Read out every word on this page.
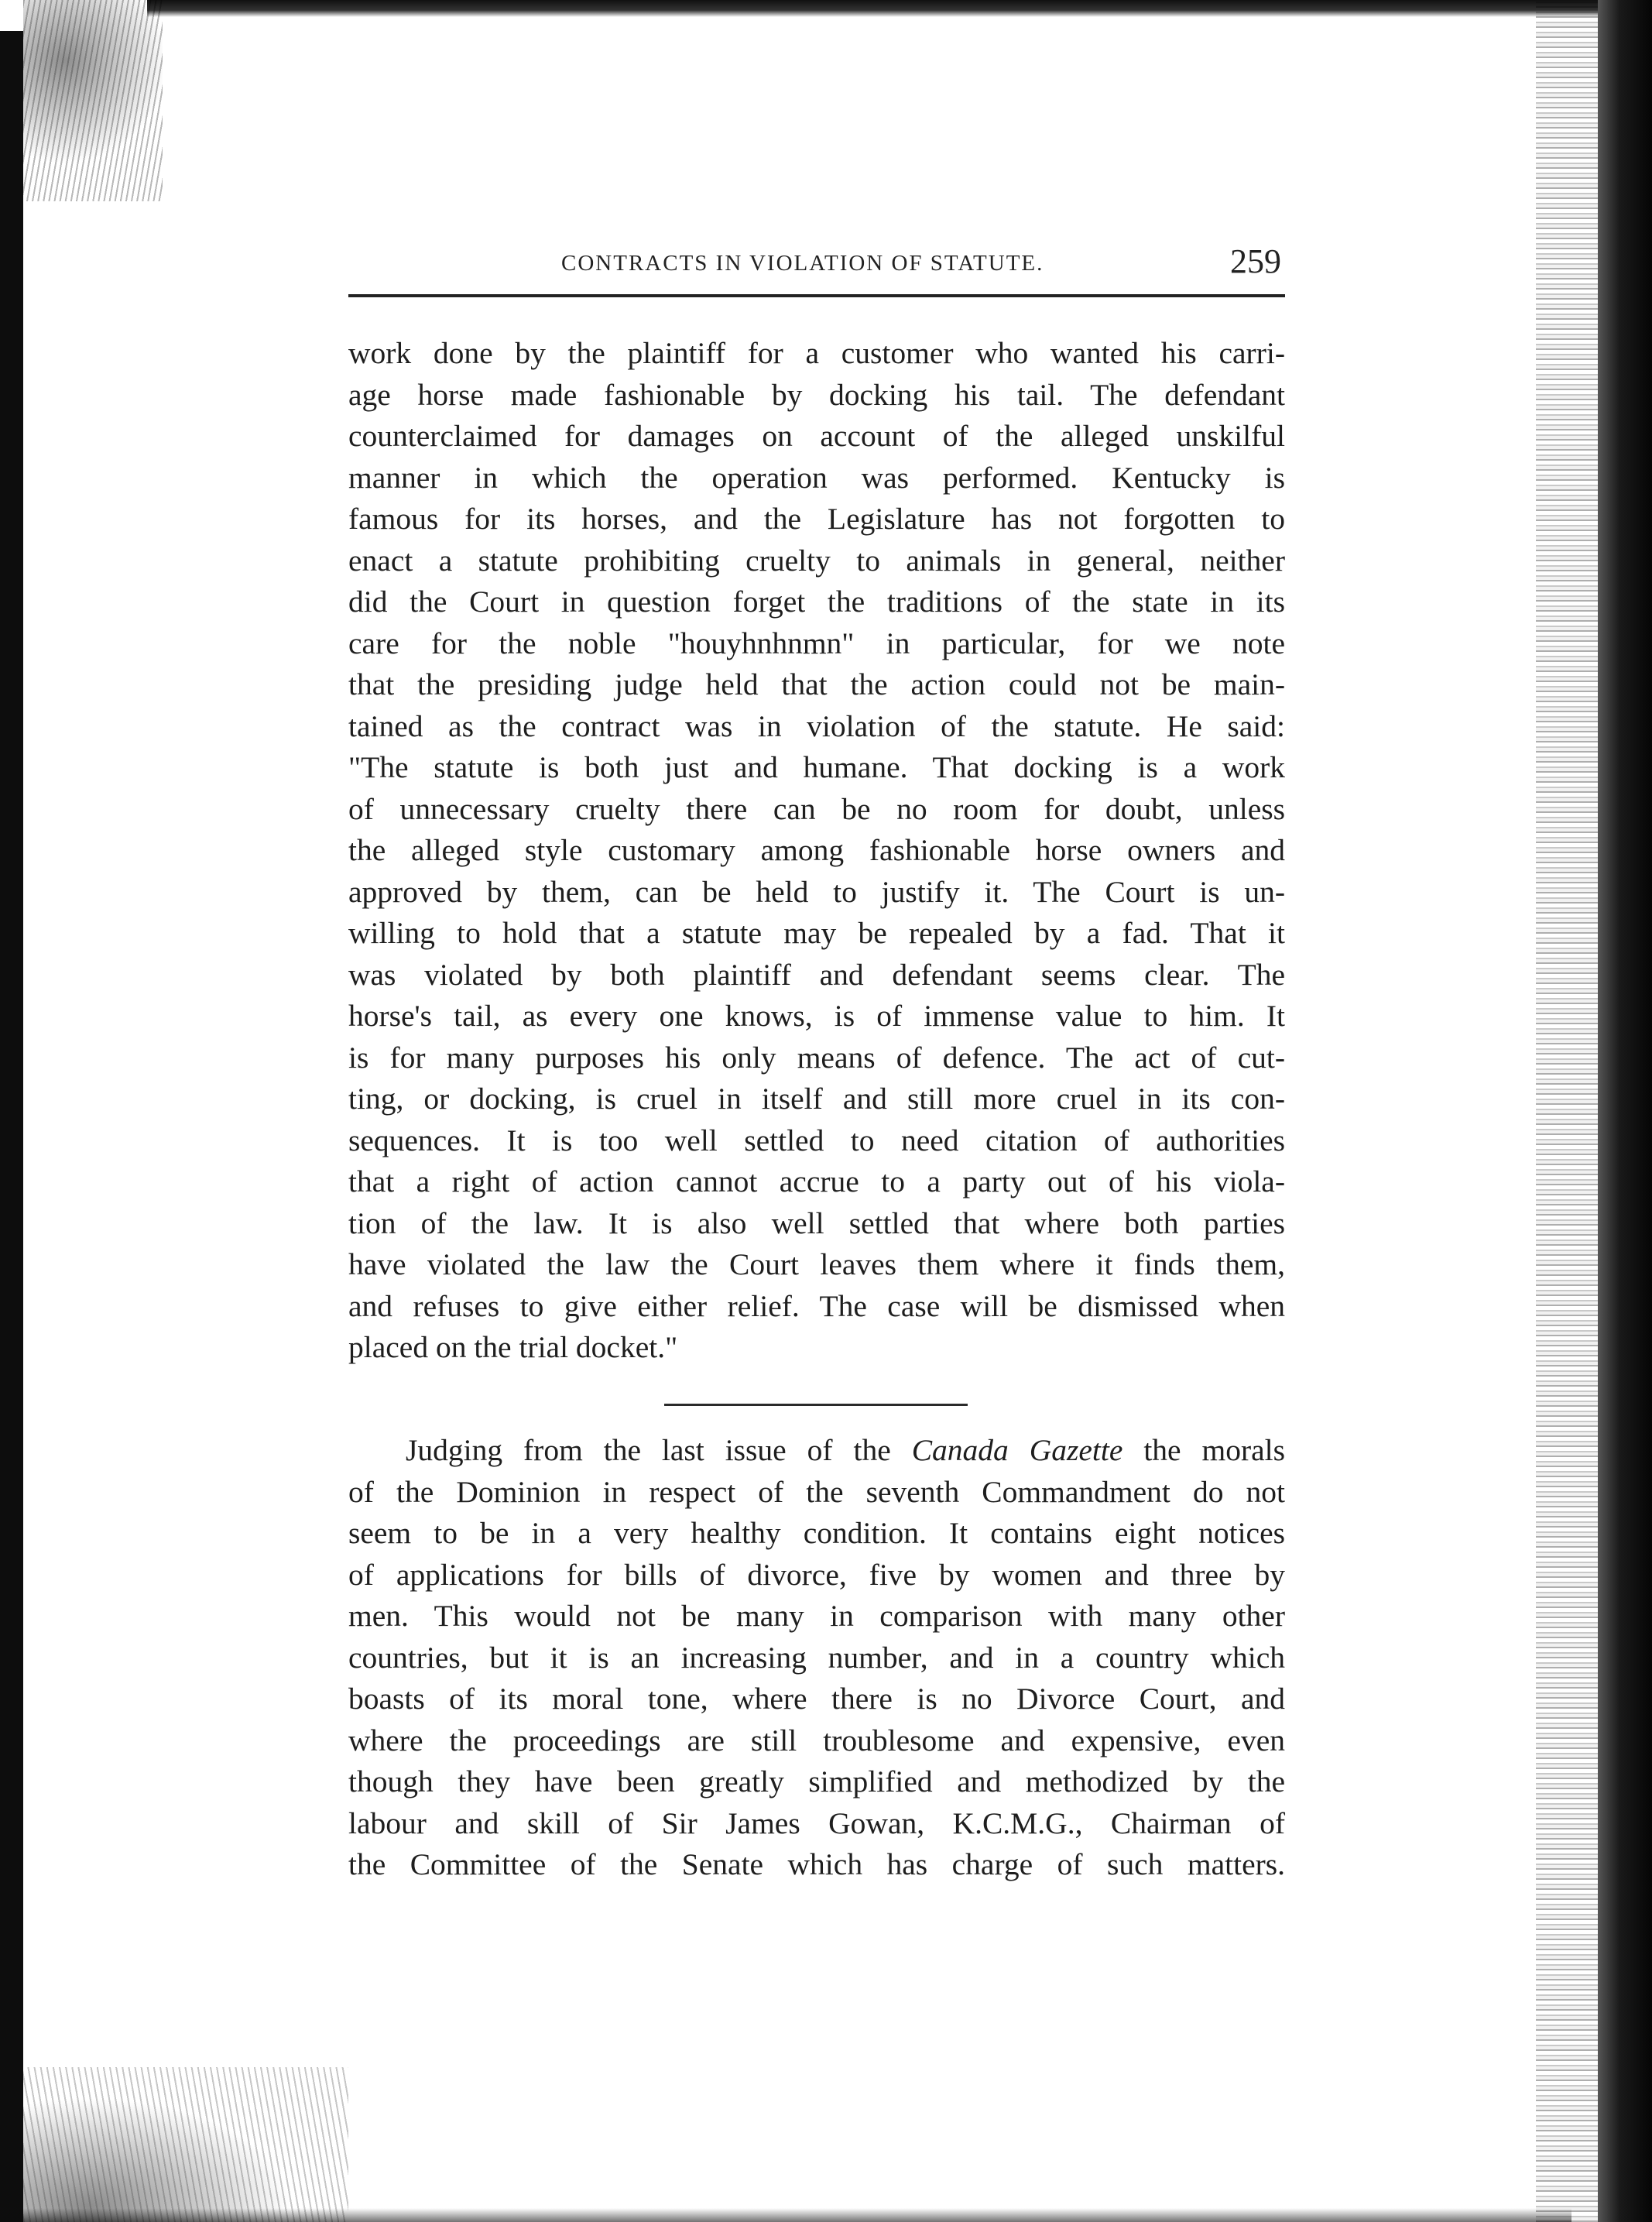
CONTRACTS IN VIOLATION OF STATUTE.	259
work done by the plaintiff for a customer who wanted his carri-
age horse made fashionable by docking his tail. The defendant
counterclaimed for damages on account of the alleged unskilful
manner in which the operation was performed. Kentucky is
famous for its horses, and the Legislature has not forgotten to
enact a statute prohibiting cruelty to animals in general, neither
did the Court in question forget the traditions of the state in its
care for the noble "houyhnhnmn" in particular, for we note
that the presiding judge held that the action could not be main-
tained as the contract was in violation of the statute. He said:
"The statute is both just and humane. That docking is a work
of unnecessary cruelty there can be no room for doubt, unless
the alleged style customary among fashionable horse owners and
approved by them, can be held to justify it. The Court is un-
willing to hold that a statute may be repealed by a fad. That it
was violated by both plaintiff and defendant seems clear. The
horse's tail, as every one knows, is of immense value to him. It
is for many purposes his only means of defence. The act of cut-
ting, or docking, is cruel in itself and still more cruel in its con-
sequences. It is too well settled to need citation of authorities
that a right of action cannot accrue to a party out of his viola-
tion of the law. It is also well settled that where both parties
have violated the law the Court leaves them where it finds them,
and refuses to give either relief. The case will be dismissed when
placed on the trial docket."
Judging from the last issue of the Canada Gazette the morals
of the Dominion in respect of the seventh Commandment do not
seem to be in a very healthy condition. It contains eight notices
of applications for bills of divorce, five by women and three by
men. This would not be many in comparison with many other
countries, but it is an increasing number, and in a country which
boasts of its moral tone, where there is no Divorce Court, and
where the proceedings are still troublesome and expensive, even
though they have been greatly simplified and methodized by the
labour and skill of Sir James Gowan, K.C.M.G., Chairman of
the Committee of the Senate which has charge of such matters.
